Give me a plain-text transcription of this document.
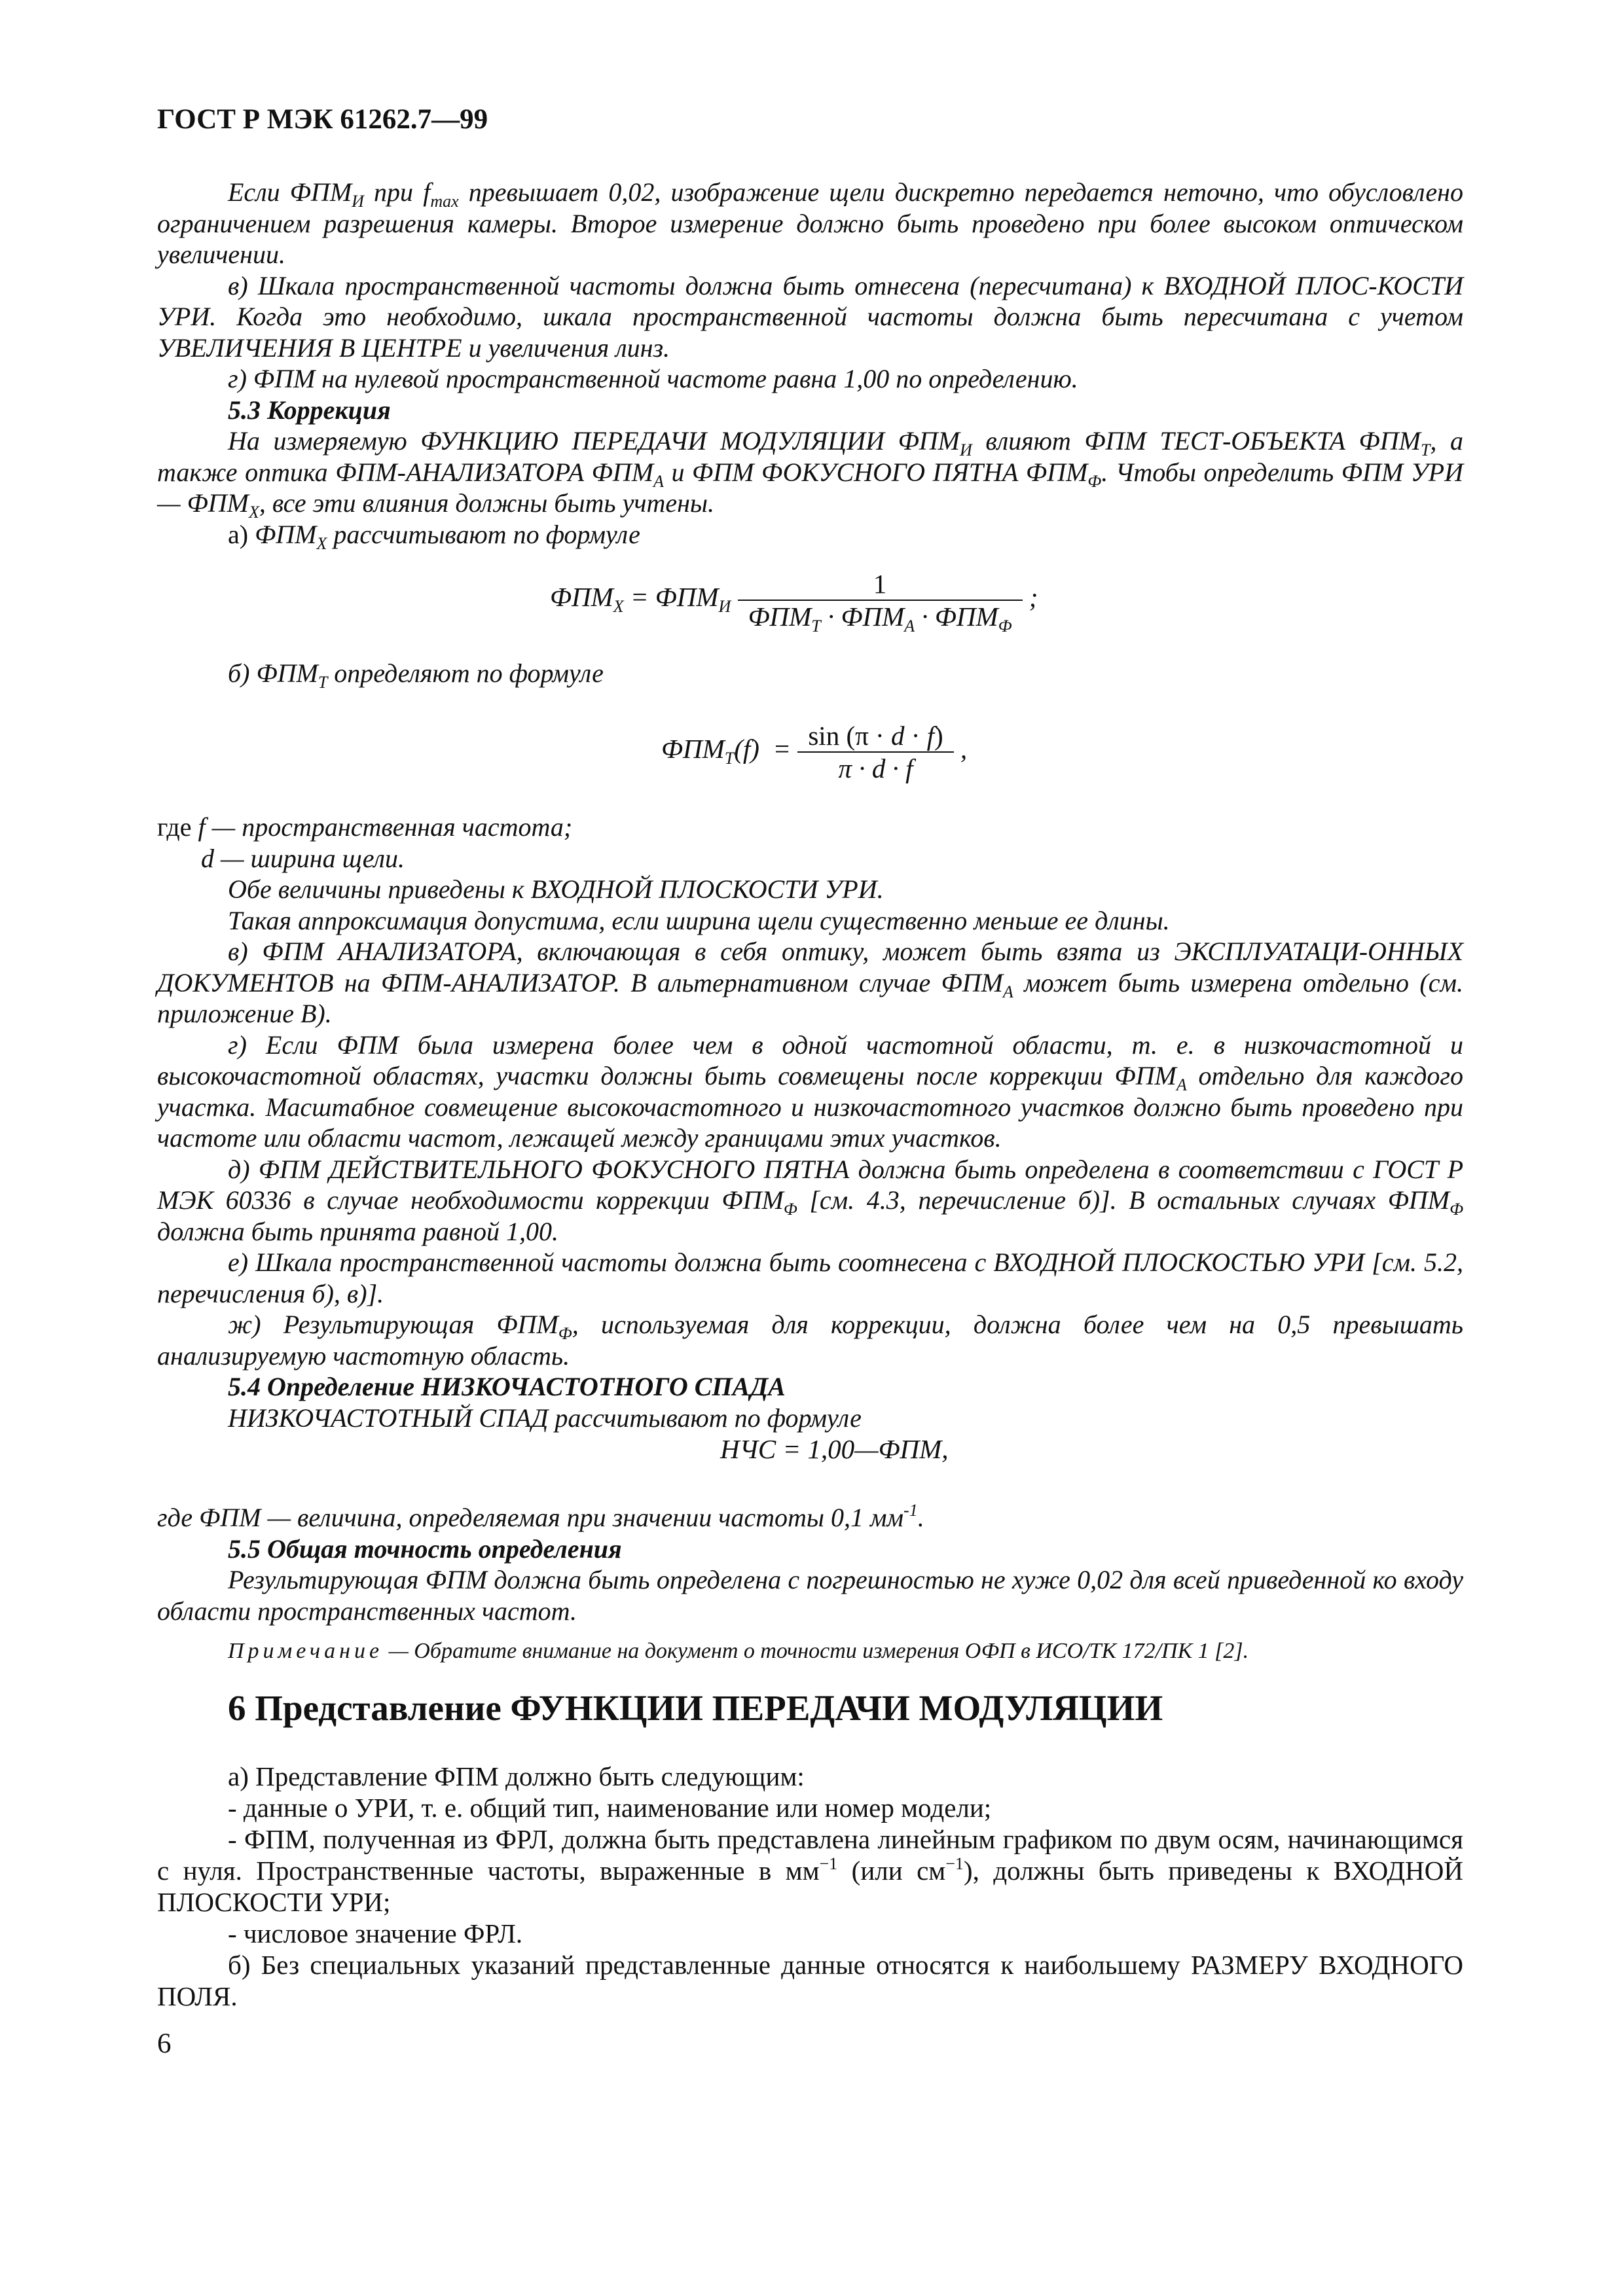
ГОСТ Р МЭК 61262.7—99

Если $ФПМ_И$ при $f_{max}$ превышает 0,02, изображение щели дискретно передается неточно, что обусловлено ограничением разрешения камеры. Второе измерение должно быть проведено при более высоком оптическом увеличении.

в) Шкала пространственной частоты должна быть отнесена (пересчитана) к ВХОДНОЙ ПЛОС-КОСТИ УРИ. Когда это необходимо, шкала пространственной частоты должна быть пересчитана с учетом УВЕЛИЧЕНИЯ В ЦЕНТРЕ и увеличения линз.

г) ФПМ на нулевой пространственной частоте равна 1,00 по определению.

5.3 Коррекция

На измеряемую ФУНКЦИЮ ПЕРЕДАЧИ МОДУЛЯЦИИ $ФПМ_И$ влияют ФПМ ТЕСТ-ОБЪЕКТА $ФПМ_Т$, а также оптика ФПМ-АНАЛИЗАТОРА $ФПМ_А$ и ФПМ ФОКУСНОГО ПЯТНА $ФПМ_Ф$. Чтобы определить ФПМ УРИ — $ФПМ_X$, все эти влияния должны быть учтены.

а) $ФПМ_X$ рассчитывают по формуле

$ФПМ_X = ФПМ_И \frac{1}{ФПМ_Т \cdot ФПМ_А \cdot ФПМ_Ф}$ ;

б) $ФПМ_Т$ определяют по формуле

$ФПМ_Т(f) = \frac{\sin (\pi \cdot d \cdot f)}{\pi \cdot d \cdot f}$ ,

где f — пространственная частота;

d — ширина щели.

Обе величины приведены к ВХОДНОЙ ПЛОСКОСТИ УРИ.

Такая аппроксимация допустима, если ширина щели существенно меньше ее длины.

в) ФПМ АНАЛИЗАТОРА, включающая в себя оптику, может быть взята из ЭКСПЛУАТАЦИ-ОННЫХ ДОКУМЕНТОВ на ФПМ-АНАЛИЗАТОР. В альтернативном случае $ФПМ_A$ может быть измерена отдельно (см. приложение В).

г) Если ФПМ была измерена более чем в одной частотной области, т. е. в низкочастотной и высокочастотной областях, участки должны быть совмещены после коррекции $ФПМ_A$ отдельно для каждого участка. Масштабное совмещение высокочастотного и низкочастотного участков должно быть проведено при частоте или области частот, лежащей между границами этих участков.

д) ФПМ ДЕЙСТВИТЕЛЬНОГО ФОКУСНОГО ПЯТНА должна быть определена в соответствии с ГОСТ Р МЭК 60336 в случае необходимости коррекции $ФПМ_Ф$ [см. 4.3, перечисление б)]. В остальных случаях $ФПМ_Ф$ должна быть принята равной 1,00.

е) Шкала пространственной частоты должна быть соотнесена с ВХОДНОЙ ПЛОСКОСТЬЮ УРИ [см. 5.2, перечисления б), в)].

ж) Результирующая $ФПМ_Ф$, используемая для коррекции, должна более чем на 0,5 превышать анализируемую частотную область.

5.4 Определение НИЗКОЧАСТОТНОГО СПАДА

НИЗКОЧАСТОТНЫЙ СПАД рассчитывают по формуле

НЧС = 1,00—ФПМ,

где ФПМ — величина, определяемая при значении частоты 0,1 $мм^{-1}$.

5.5 Общая точность определения

Результирующая ФПМ должна быть определена с погрешностью не хуже 0,02 для всей приведенной ко входу области пространственных частот.

Примечание — Обратите внимание на документ о точности измерения ОФП в ИСО/ТК 172/ПК 1 [2].

6 Представление ФУНКЦИИ ПЕРЕДАЧИ МОДУЛЯЦИИ

а) Представление ФПМ должно быть следующим:

- данные о УРИ, т. е. общий тип, наименование или номер модели;

- ФПМ, полученная из ФРЛ, должна быть представлена линейным графиком по двум осям, начинающимся с нуля. Пространственные частоты, выраженные в $мм^{-1}$ (или $см^{-1}$), должны быть приведены к ВХОДНОЙ ПЛОСКОСТИ УРИ;

- числовое значение ФРЛ.

б) Без специальных указаний представленные данные относятся к наибольшему РАЗМЕРУ ВХОДНОГО ПОЛЯ.

6
